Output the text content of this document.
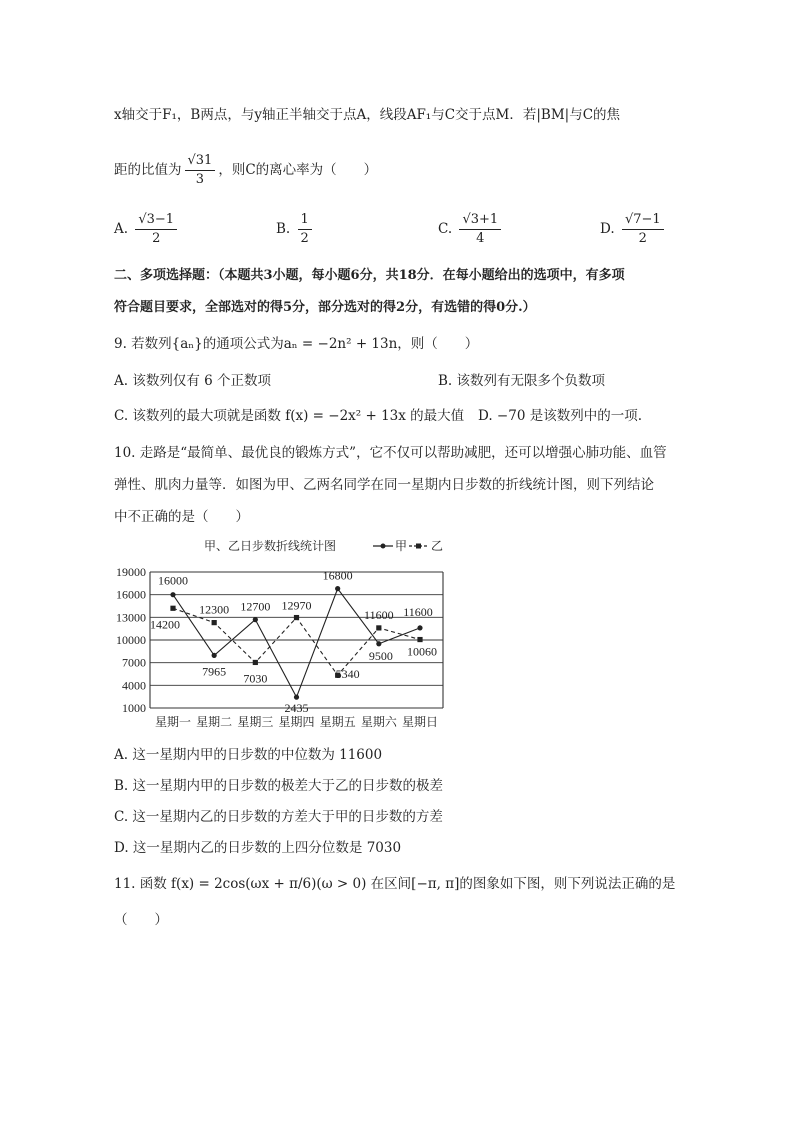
x轴交于F₁，B两点，与y轴正半轴交于点A，线段AF₁与C交于点M．若|BM|与C的焦
距的比值为 $\frac{√31}{3}$ ，则C的离心率为（　　）
A. $\frac{√3-1}{2}$	B. $\frac{1}{2}$	C. $\frac{√3+1}{4}$	D. $\frac{√7-1}{2}$
二、多项选择题：（本题共3小题，每小题6分，共18分．在每小题给出的选项中，有多项
符合题目要求，全部选对的得5分，部分选对的得2分，有选错的得0分.）
9. 若数列{aₙ}的通项公式为aₙ = −2n² + 13n，则（　　）
A. 该数列仅有 6 个正数项	B. 该数列有无限多个负数项
C. 该数列的最大项就是函数 f(x) = −2x² + 13x 的最大值 D. −70 是该数列中的一项.
10. 走路是“最简单、最优良的锻炼方式”，它不仅可以帮助减肥，还可以增强心肺功能、血管
弹性、肌肉力量等．如图为甲、乙两名同学在同一星期内日步数的折线统计图，则下列结论
中不正确的是（　　）
甲、乙日步数折线统计图	甲 乙
1000
4000
7000
10000
13000
16000
19000
星期一 星期二 星期三 星期四 星期五 星期六 星期日
16000
7965
12700
2435
16800
9500
11600
14200
12300
7030
12970
5340
11600
10060
A. 这一星期内甲的日步数的中位数为 11600
B. 这一星期内甲的日步数的极差大于乙的日步数的极差
C. 这一星期内乙的日步数的方差大于甲的日步数的方差
D. 这一星期内乙的日步数的上四分位数是 7030
11. 函数 f(x) = 2cos(ωx + π/6)(ω > 0) 在区间[−π, π]的图象如下图，则下列说法正确的是
（　　）
